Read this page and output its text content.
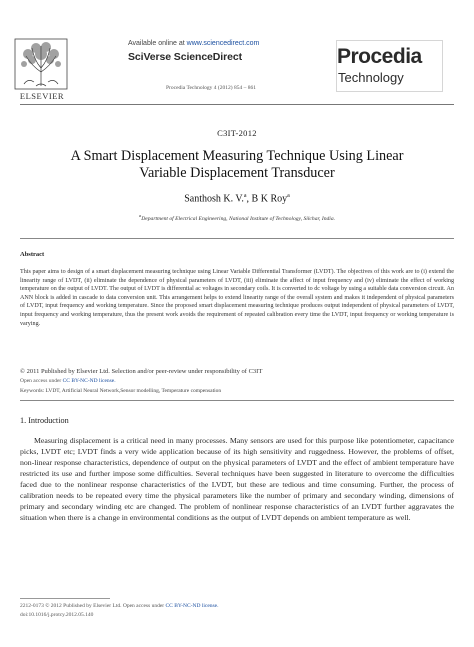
ELSEVIER
Available online at www.sciencedirect.com
SciVerse ScienceDirect
Procedia Technology 4 (2012) 854 – 861
Procedia
Technology
C3IT-2012
A Smart Displacement Measuring Technique Using Linear
Variable Displacement Transducer
Santhosh K. V.$^a$, B K Roy$^a$
$^a$Department of Electrical Engineering, National Institute of Technology, Silchar, India.
Abstract
This paper aims to design of a smart displacement measuring technique using Linear Variable Differential Transformer (LVDT). The objectives of this work are to (i) extend the linearity range of LVDT, (ii) eliminate the dependence of physical parameters of LVDT, (iii) eliminate the affect of input frequency and (iv) eliminate the effect of working temperature on the output of LVDT. The output of LVDT is differential ac voltages in secondary coils. It is converted to dc voltage by using a suitable data conversion circuit. An ANN block is added in cascade to data conversion unit. This arrangement helps to extend linearity range of the overall system and makes it independent of physical parameters of LVDT, input frequency and working temperature. Since the proposed smart displacement measuring technique produces output independent of physical parameters of LVDT, input frequency and working temperature, thus the present work avoids the requirement of repeated calibration every time the LVDT, input frequency or working temperature is varying.
© 2011 Published by Elsevier Ltd. Selection and/or peer-review under responsibility of C3IT
Open access under CC BY-NC-ND license.
Keywords: LVDT, Artificial Neural Network,Sensor modelling, Temperature compensation
1. Introduction
Measuring displacement is a critical need in many processes. Many sensors are used for this purpose like potentiometer, capacitance picks, LVDT etc; LVDT finds a very wide application because of its high sensitivity and ruggedness. However, the problems of offset, non-linear response characteristics, dependence of output on the physical parameters of LVDT and the effect of ambient temperature have restricted its use and further impose some difficulties. Several techniques have been suggested in literature to overcome the difficulties faced due to the nonlinear response characteristics of the LVDT, but these are tedious and time consuming. Further, the process of calibration needs to be repeated every time the physical parameters like the number of primary and secondary winding, dimensions of primary and secondary winding etc are changed. The problem of nonlinear response characteristics of an LVDT further aggravates the situation when there is a change in environmental conditions as the output of LVDT depends on ambient temperature as well.
2212-0173 © 2012 Published by Elsevier Ltd. Open access under CC BY-NC-ND license.
doi:10.1016/j.protcy.2012.05.140
